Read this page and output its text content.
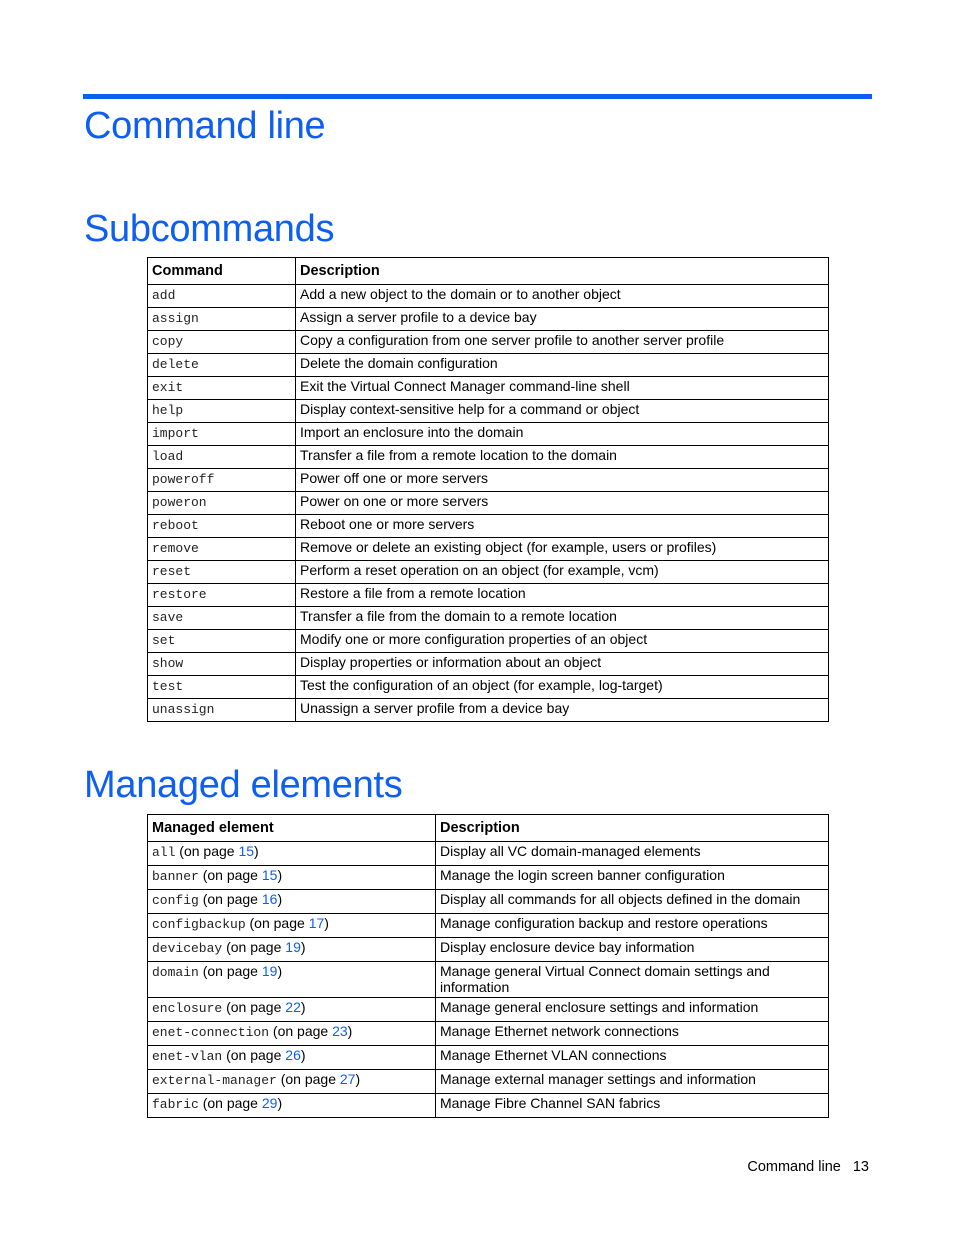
Command line
Subcommands
Command	Description
add	Add a new object to the domain or to another object
assign	Assign a server profile to a device bay
copy	Copy a configuration from one server profile to another server profile
delete	Delete the domain configuration
exit	Exit the Virtual Connect Manager command-line shell
help	Display context-sensitive help for a command or object
import	Import an enclosure into the domain
load	Transfer a file from a remote location to the domain
poweroff	Power off one or more servers
poweron	Power on one or more servers
reboot	Reboot one or more servers
remove	Remove or delete an existing object (for example, users or profiles)
reset	Perform a reset operation on an object (for example, vcm)
restore	Restore a file from a remote location
save	Transfer a file from the domain to a remote location
set	Modify one or more configuration properties of an object
show	Display properties or information about an object
test	Test the configuration of an object (for example, log-target)
unassign	Unassign a server profile from a device bay
Managed elements
Managed element	Description
all (on page 15)	Display all VC domain-managed elements
banner (on page 15)	Manage the login screen banner configuration
config (on page 16)	Display all commands for all objects defined in the domain
configbackup (on page 17)	Manage configuration backup and restore operations
devicebay (on page 19)	Display enclosure device bay information
domain (on page 19)	Manage general Virtual Connect domain settings and information
enclosure (on page 22)	Manage general enclosure settings and information
enet-connection (on page 23)	Manage Ethernet network connections
enet-vlan (on page 26)	Manage Ethernet VLAN connections
external-manager (on page 27)	Manage external manager settings and information
fabric (on page 29)	Manage Fibre Channel SAN fabrics
Command line 13
